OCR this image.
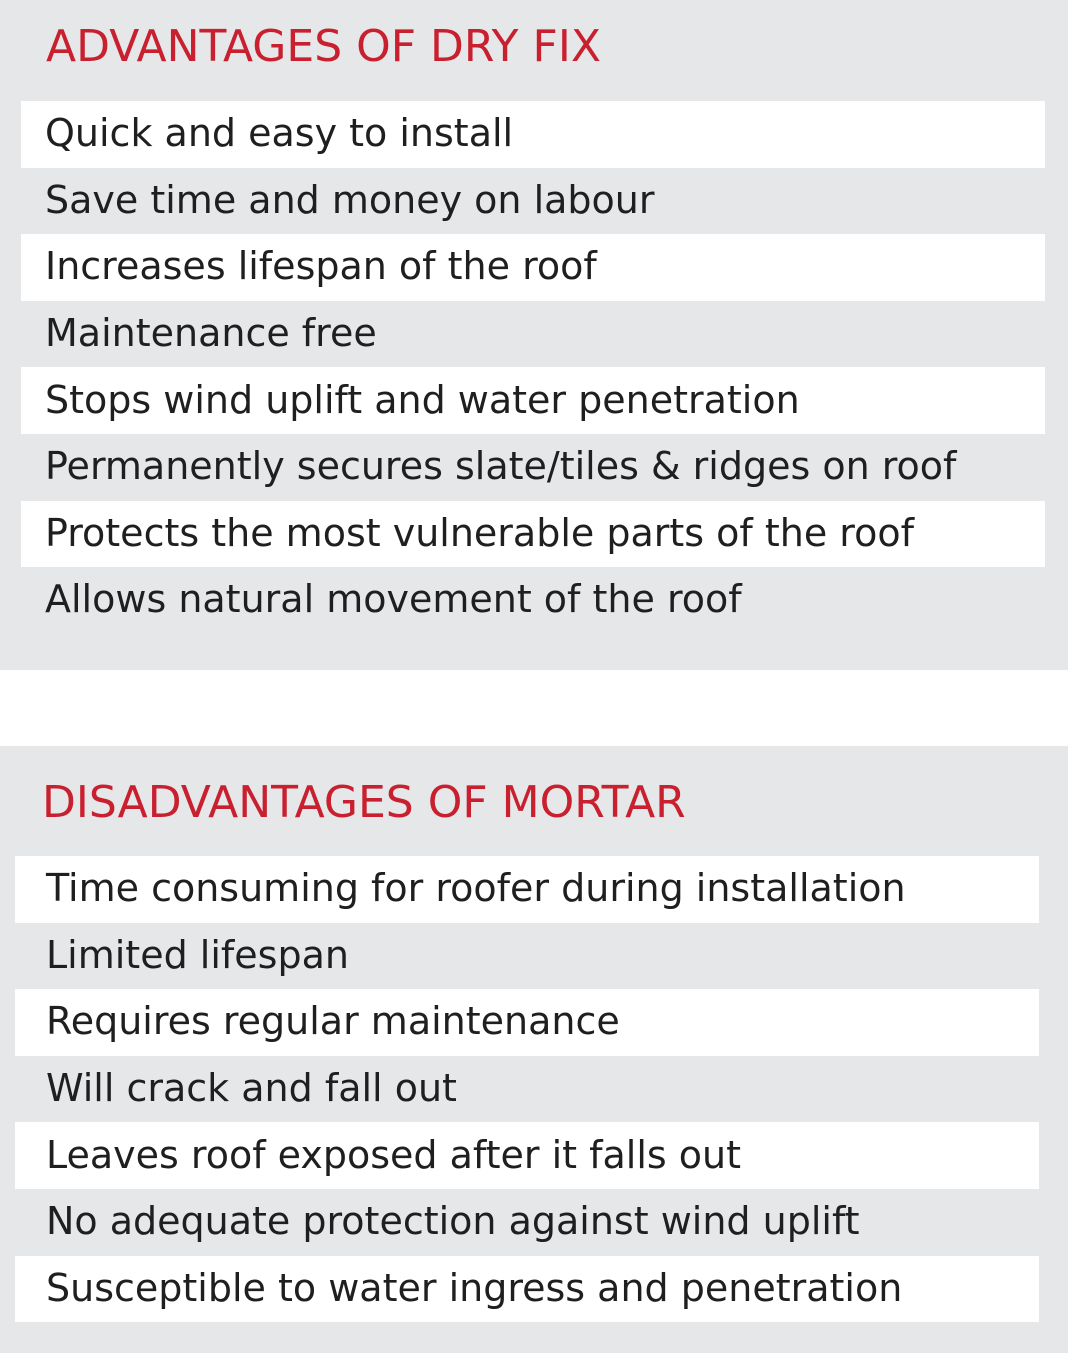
ADVANTAGES OF DRY FIX
Quick and easy to install
Save time and money on labour
Increases lifespan of the roof
Maintenance free
Stops wind uplift and water penetration
Permanently secures slate/tiles & ridges on roof
Protects the most vulnerable parts of the roof
Allows natural movement of the roof
DISADVANTAGES OF MORTAR
Time consuming for roofer during installation
Limited lifespan
Requires regular maintenance
Will crack and fall out
Leaves roof exposed after it falls out
No adequate protection against wind uplift
Susceptible to water ingress and penetration
